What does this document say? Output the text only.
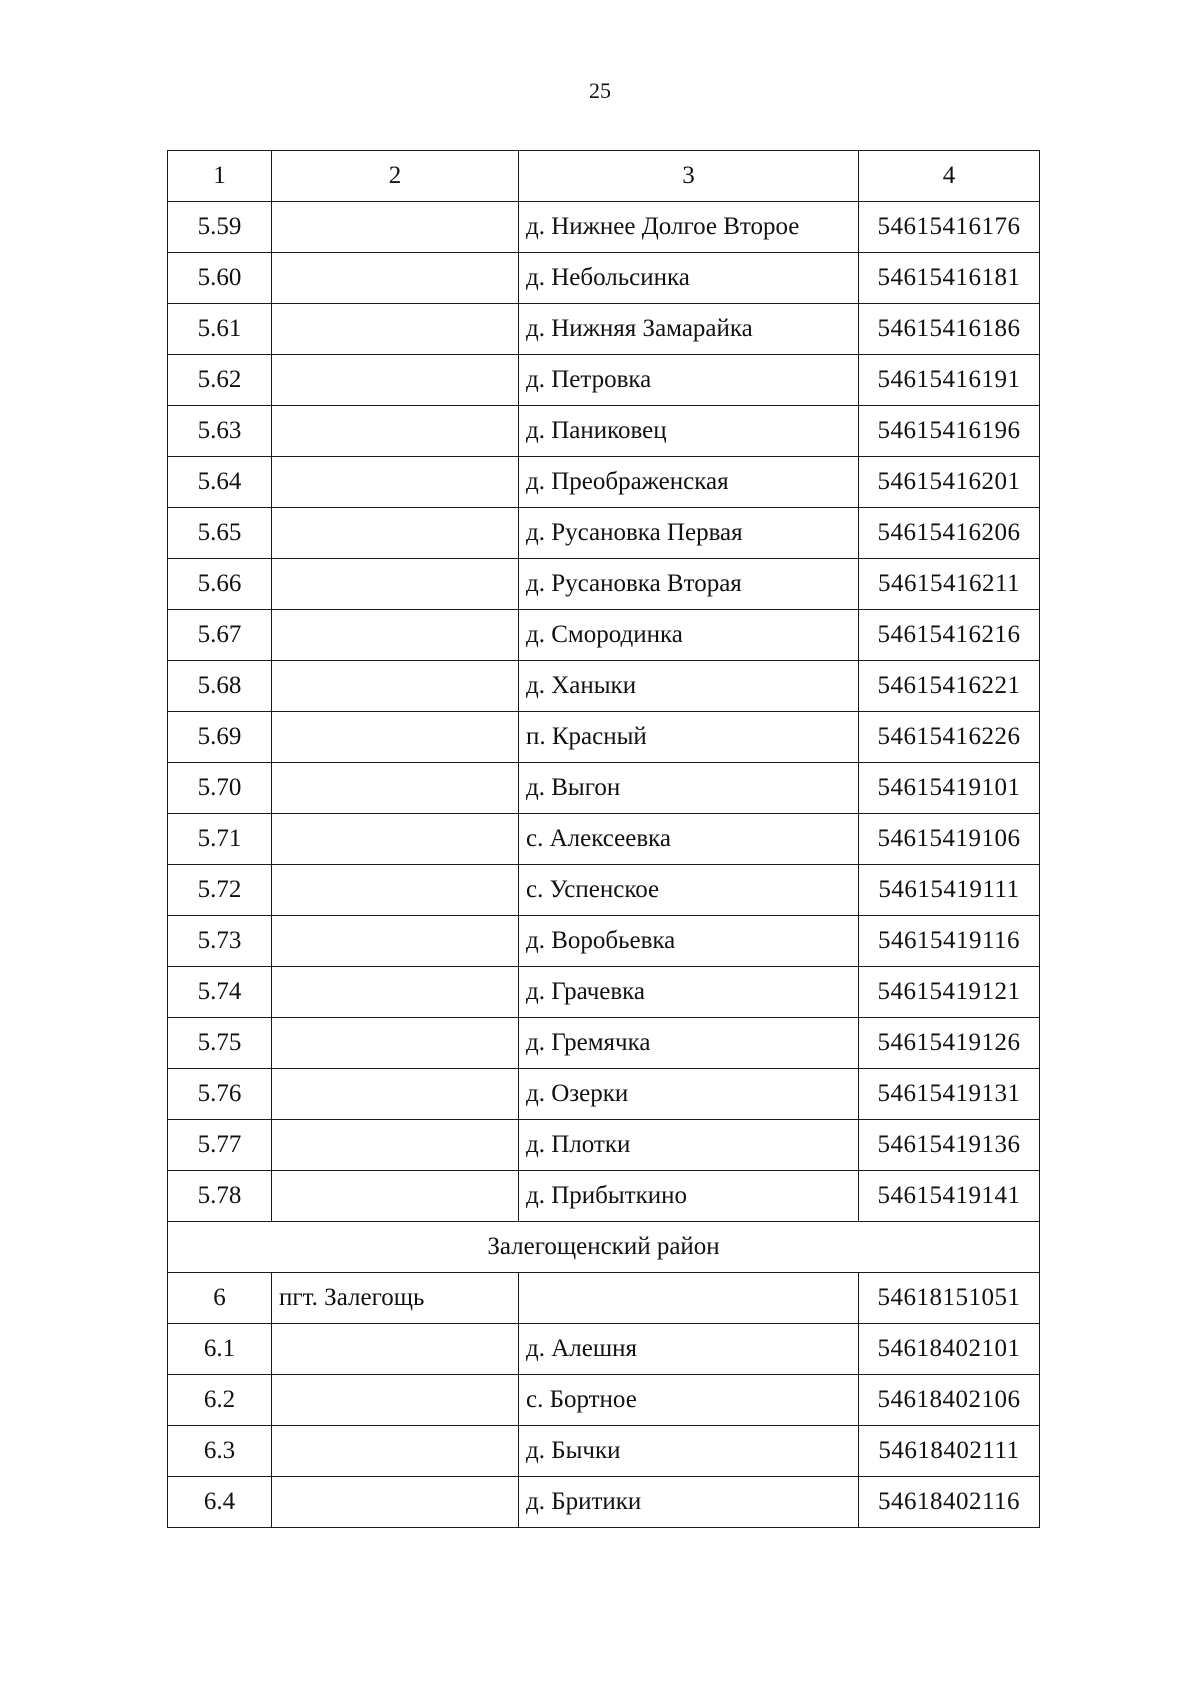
25
1	2	3	4
5.59		д. Нижнее Долгое Второе	54615416176
5.60		д. Небольсинка	54615416181
5.61		д. Нижняя Замарайка	54615416186
5.62		д. Петровка	54615416191
5.63		д. Паниковец	54615416196
5.64		д. Преображенская	54615416201
5.65		д. Русановка Первая	54615416206
5.66		д. Русановка Вторая	54615416211
5.67		д. Смородинка	54615416216
5.68		д. Ханыки	54615416221
5.69		п. Красный	54615416226
5.70		д. Выгон	54615419101
5.71		с. Алексеевка	54615419106
5.72		с. Успенское	54615419111
5.73		д. Воробьевка	54615419116
5.74		д. Грачевка	54615419121
5.75		д. Гремячка	54615419126
5.76		д. Озерки	54615419131
5.77		д. Плотки	54615419136
5.78		д. Прибыткино	54615419141
Залегощенский район			
6	пгт. Залегощь		54618151051
6.1		д. Алешня	54618402101
6.2		с. Бортное	54618402106
6.3		д. Бычки	54618402111
6.4		д. Бритики	54618402116
